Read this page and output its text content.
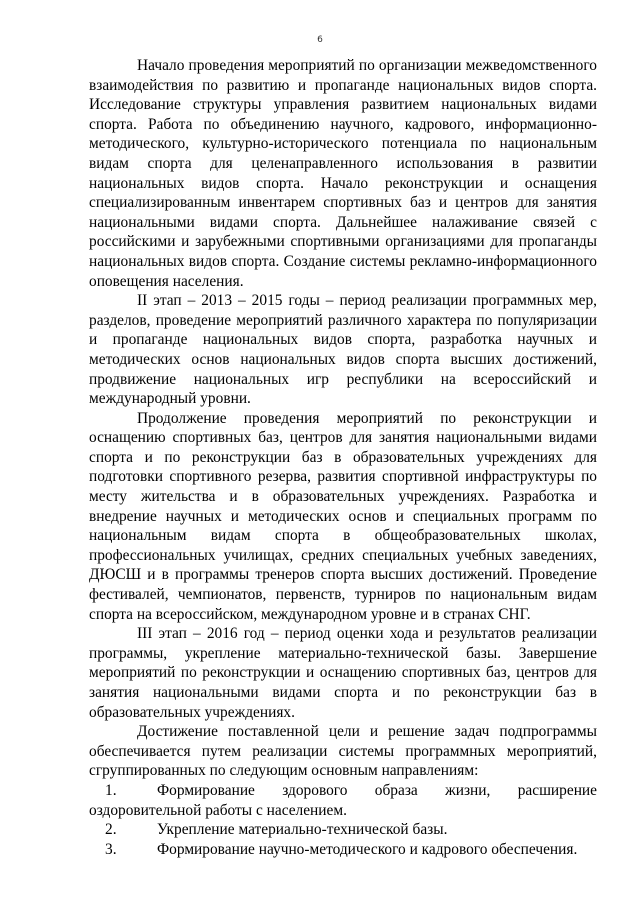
6

Начало проведения мероприятий по организации межведомственного взаимодействия по развитию и пропаганде национальных видов спорта. Исследование структуры управления развитием национальных видами спорта. Работа по объединению научного, кадрового, информационно-методического, культурно-исторического потенциала по национальным видам спорта для целенаправленного использования в развитии национальных видов спорта. Начало реконструкции и оснащения специализированным инвентарем спортивных баз и центров для занятия национальными видами спорта. Дальнейшее налаживание связей с российскими и зарубежными спортивными организациями для пропаганды национальных видов спорта. Создание системы рекламно-информационного оповещения населения.

II этап – 2013 – 2015 годы – период реализации программных мер, разделов, проведение мероприятий различного характера по популяризации и пропаганде национальных видов спорта, разработка научных и методических основ национальных видов спорта высших достижений, продвижение национальных игр республики на всероссийский и международный уровни.

Продолжение проведения мероприятий по реконструкции и оснащению спортивных баз, центров для занятия национальными видами спорта и по реконструкции баз в образовательных учреждениях для подготовки спортивного резерва, развития спортивной инфраструктуры по месту жительства и в образовательных учреждениях. Разработка и внедрение научных и методических основ и специальных программ по национальным видам спорта в общеобразовательных школах, профессиональных училищах, средних специальных учебных заведениях, ДЮСШ и в программы тренеров спорта высших достижений. Проведение фестивалей, чемпионатов, первенств, турниров по национальным видам спорта на всероссийском, международном уровне и в странах СНГ.

III этап – 2016 год – период оценки хода и результатов реализации программы, укрепление материально-технической базы. Завершение мероприятий по реконструкции и оснащению спортивных баз, центров для занятия национальными видами спорта и по реконструкции баз в образовательных учреждениях.

Достижение поставленной цели и решение задач подпрограммы обеспечивается путем реализации системы программных мероприятий, сгруппированных по следующим основным направлениям:

1.	Формирование здорового образа жизни, расширение оздоровительной работы с населением.
2.	Укрепление материально-технической базы.
3.	Формирование научно-методического и кадрового обеспечения.
